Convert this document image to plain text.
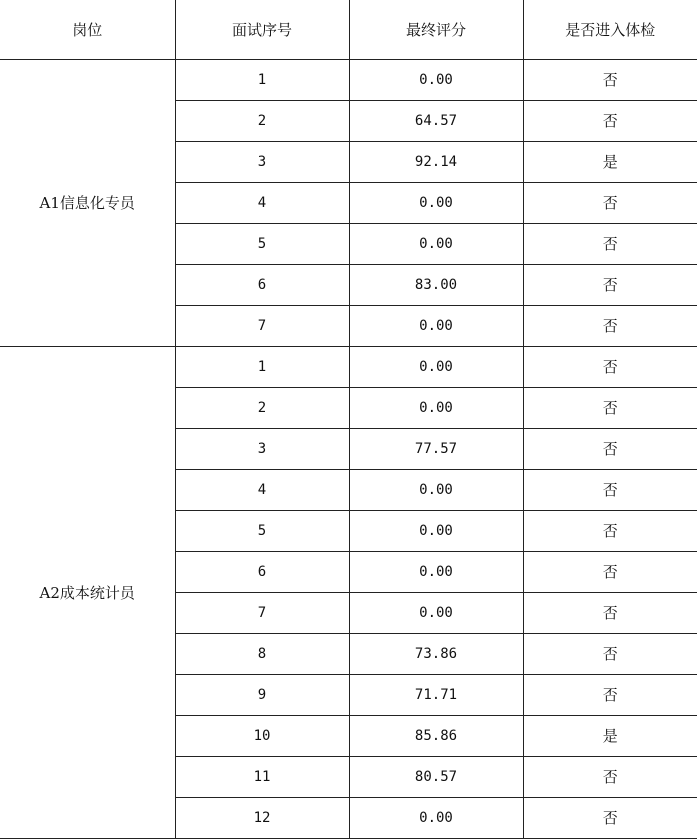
岗位	面试序号	最终评分	是否进入体检
A1信息化专员	1	0.00	否
	2	64.57	否
	3	92.14	是
	4	0.00	否
	5	0.00	否
	6	83.00	否
	7	0.00	否
A2成本统计员	1	0.00	否
	2	0.00	否
	3	77.57	否
	4	0.00	否
	5	0.00	否
	6	0.00	否
	7	0.00	否
	8	73.86	否
	9	71.71	否
	10	85.86	是
	11	80.57	否
	12	0.00	否
